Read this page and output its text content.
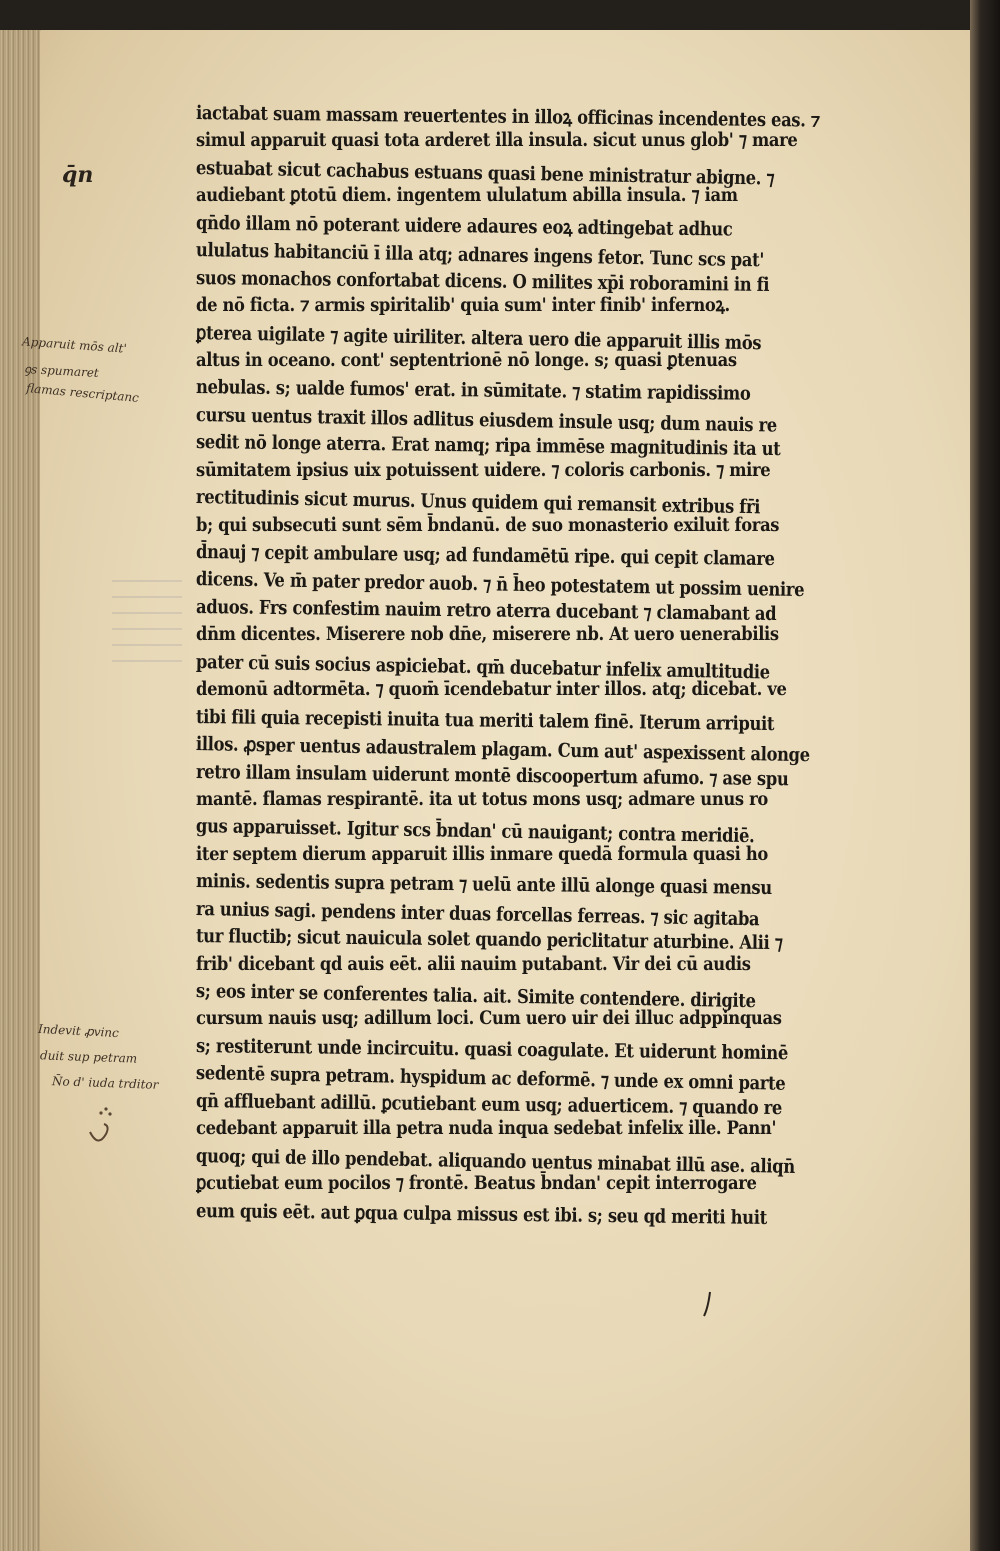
q̄n
Apparuit mōs alt'
ꝯs spumaret
flamas rescriptanc
Indevit ꝓvinc
duit sup petram
N̄o d' iuda trditor
iactabat suam massam reuertentes in illoꝝ officinas incendentes eas. ⁊
simul apparuit quasi tota arderet illa insula. sicut unus glob' ⁊ mare
estuabat sicut cachabus estuans quasi bene ministratur abigne. ⁊
audiebant ꝑtotū diem. ingentem ululatum abilla insula. ⁊ iam
qn̄do illam nō poterant uidere adaures eoꝝ adtingebat adhuc
ululatus habitanciū ī illa atq; adnares ingens fetor. Tunc scs pat'
suos monachos confortabat dicens. O milites xp̄i roboramini in fi
de nō ficta. ⁊ armis spiritalib' quia sum' inter finib' infernoꝝ.
ꝑterea uigilate ⁊ agite uiriliter. altera uero die apparuit illis mōs
altus in oceano. cont' septentrionē nō longe. s; quasi ꝑtenuas
nebulas. s; ualde fumos' erat. in sūmitate. ⁊ statim rapidissimo
cursu uentus traxit illos adlitus eiusdem insule usq; dum nauis re
sedit nō longe aterra. Erat namq; ripa immēse magnitudinis ita ut
sūmitatem ipsius uix potuissent uidere. ⁊ coloris carbonis. ⁊ mire
rectitudinis sicut murus. Unus quidem qui remansit extribus fr̄i
b; qui subsecuti sunt sēm b̄ndanū. de suo monasterio exiluit foras
d̄nauj ⁊ cepit ambulare usq; ad fundamētū ripe. qui cepit clamare
dicens. Ve m̄ pater predor auob. ⁊ n̄ h̄eo potestatem ut possim uenire
aduos. Frs confestim nauim retro aterra ducebant ⁊ clamabant ad
dn̄m dicentes. Miserere nob dn̄e, miserere nb. At uero uenerabilis
pater cū suis socius aspiciebat. qm̄ ducebatur infelix amultitudie
demonū adtormēta. ⁊ quom̄ īcendebatur inter illos. atq; dicebat. ve
tibi fili quia recepisti inuita tua meriti talem finē. Iterum arripuit
illos. ꝓsper uentus adaustralem plagam. Cum aut' aspexissent alonge
retro illam insulam uiderunt montē discoopertum afumo. ⁊ ase spu
mantē. flamas respirantē. ita ut totus mons usq; admare unus ro
gus apparuisset. Igitur scs b̄ndan' cū nauigant; contra meridiē.
iter septem dierum apparuit illis inmare quedā formula quasi ho
minis. sedentis supra petram ⁊ uelū ante illū alonge quasi mensu
ra unius sagi. pendens inter duas forcellas ferreas. ⁊ sic agitaba
tur fluctib; sicut nauicula solet quando periclitatur aturbine. Alii ⁊
frib' dicebant qd auis eēt. alii nauim putabant. Vir dei cū audis
s; eos inter se conferentes talia. ait. Simite contendere. dirigite
cursum nauis usq; adillum loci. Cum uero uir dei illuc adppinquas
s; restiterunt unde incircuitu. quasi coagulate. Et uiderunt hominē
sedentē supra petram. hyspidum ac deformē. ⁊ unde ex omni parte
qn̄ affluebant adillū. ꝑcutiebant eum usq; aduerticem. ⁊ quando re
cedebant apparuit illa petra nuda inqua sedebat infelix ille. Pann'
quoq; qui de illo pendebat. aliquando uentus minabat illū ase. aliqn̄
ꝑcutiebat eum pocilos ⁊ frontē. Beatus b̄ndan' cepit interrogare
eum quis eēt. aut ꝑqua culpa missus est ibi. s; seu qd meriti huit
